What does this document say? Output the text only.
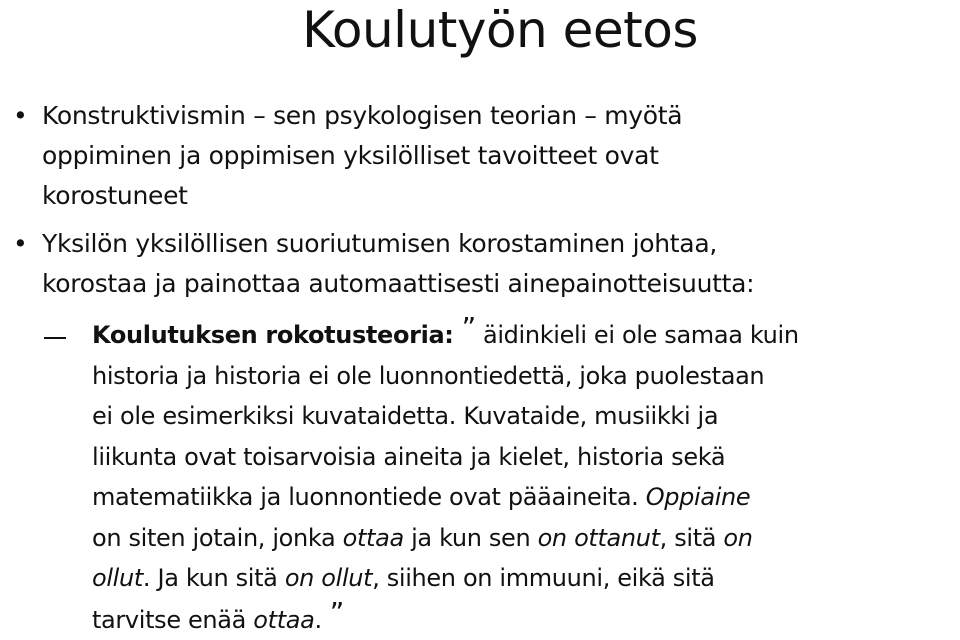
Koulutyön eetos
• Konstruktivismin – sen psykologisen teorian – myötä
oppiminen ja oppimisen yksilölliset tavoitteet ovat
korostuneet
• Yksilön yksilöllisen suoriutumisen korostaminen johtaa,
korostaa ja painottaa automaattisesti ainepainotteisuutta:
Koulutuksen rokotusteoria: ” äidinkieli ei ole samaa kuin
historia ja historia ei ole luonnontiedettä, joka puolestaan
ei ole esimerkiksi kuvataidetta. Kuvataide, musiikki ja
liikunta ovat toisarvoisia aineita ja kielet, historia sekä
matematiikka ja luonnontiede ovat pääaineita. Oppiaine
on siten jotain, jonka ottaa ja kun sen on ottanut, sitä on
ollut. Ja kun sitä on ollut, siihen on immuuni, eikä sitä
tarvitse enää ottaa. ”
